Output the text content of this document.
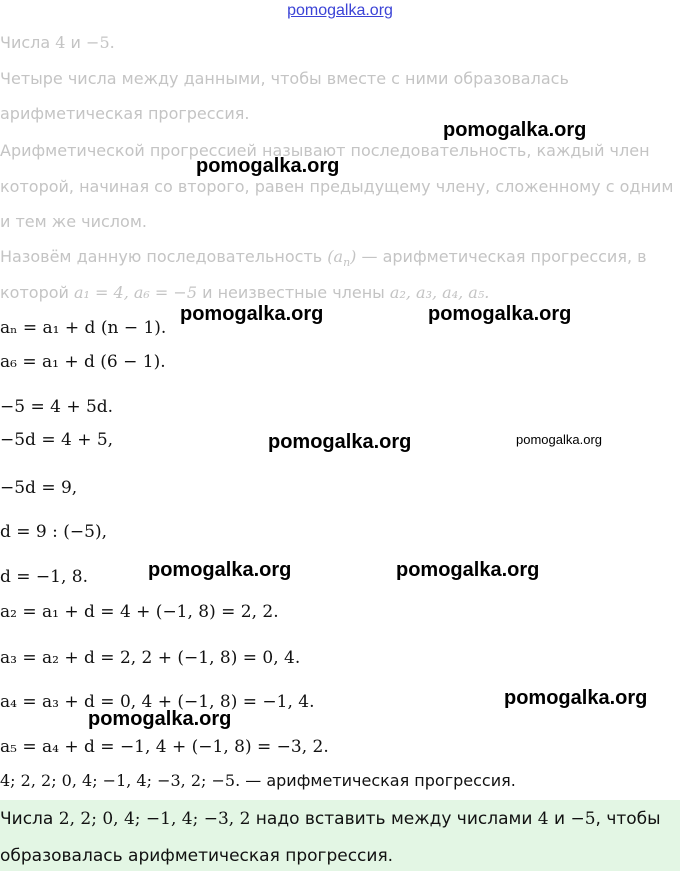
pomogalka.org
Числа 4 и −5.
Четыре числа между данными, чтобы вместе с ними образовалась
арифметическая прогрессия.
Арифметической прогрессией называют последовательность, каждый член
которой, начиная со второго, равен предыдущему члену, сложенному с одним
и тем же числом.
Назовём данную последовательность $(a_n)$ — арифметическая прогрессия, в
которой a₁ = 4, a₆ = −5 и неизвестные члены a₂, a₃, a₄, a₅.
aₙ = a₁ + d (n − 1).
a₆ = a₁ + d (6 − 1).
−5 = 4 + 5d.
−5d = 4 + 5,
−5d = 9,
d = 9 : (−5),
d = −1, 8.
a₂ = a₁ + d = 4 + (−1, 8) = 2, 2.
a₃ = a₂ + d = 2, 2 + (−1, 8) = 0, 4.
a₄ = a₃ + d = 0, 4 + (−1, 8) = −1, 4.
a₅ = a₄ + d = −1, 4 + (−1, 8) = −3, 2.
4; 2, 2; 0, 4; −1, 4; −3, 2; −5. — арифметическая прогрессия.
Числа 2, 2; 0, 4; −1, 4; −3, 2 надо вставить между числами 4 и −5, чтобы
образовалась арифметическая прогрессия.
pomogalka.org
pomogalka.org
pomogalka.org	pomogalka.org
pomogalka.org	pomogalka.org
pomogalka.org	pomogalka.org
pomogalka.org
pomogalka.org
